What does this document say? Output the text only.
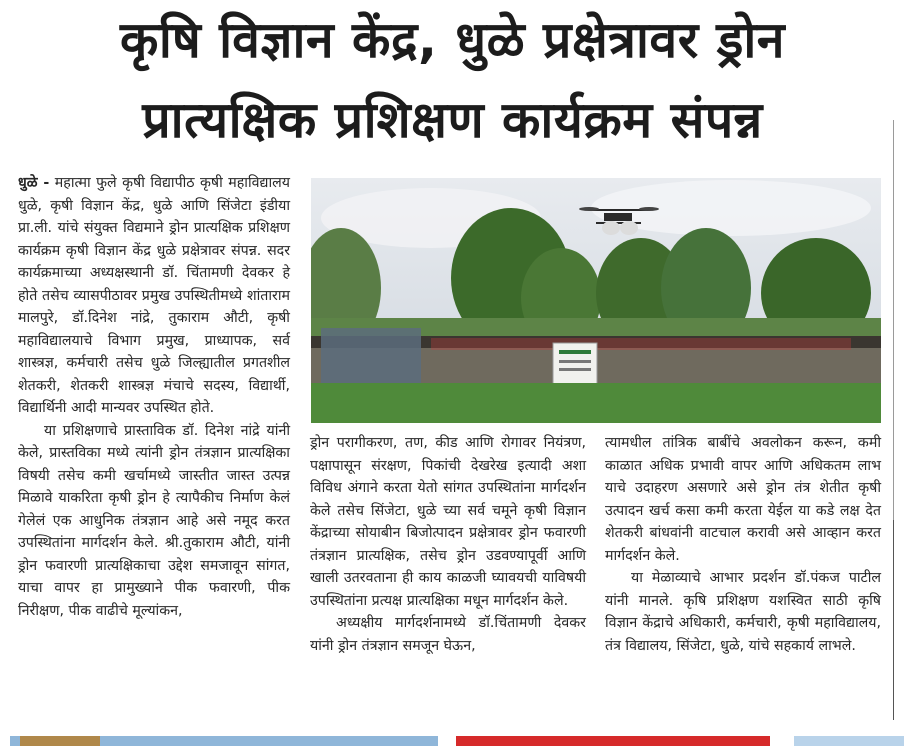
कृषि विज्ञान केंद्र, धुळे प्रक्षेत्रावर ड्रोन
प्रात्यक्षिक प्रशिक्षण कार्यक्रम संपन्न

धुळे - महात्मा फुले कृषी विद्यापीठ कृषी महाविद्यालय धुळे, कृषी विज्ञान केंद्र, धुळे आणि सिंजेटा इंडीया प्रा.ली. यांचे संयुक्त विद्यमाने ड्रोन प्रात्यक्षिक प्रशिक्षण कार्यक्रम कृषी विज्ञान केंद्र धुळे प्रक्षेत्रावर संपन्न. सदर कार्यक्रमाच्या अध्यक्षस्थानी डॉ. चिंतामणी देवकर हे होते तसेच व्यासपीठावर प्रमुख उपस्थितीमध्ये शांताराम मालपुरे, डॉ.दिनेश नांद्रे, तुकाराम औटी, कृषी महाविद्यालयाचे विभाग प्रमुख, प्राध्यापक, सर्व शास्त्रज्ञ, कर्मचारी तसेच धुळे जिल्ह्यातील प्रगतशील शेतकरी, शेतकरी शास्त्रज्ञ मंचाचे सदस्य, विद्यार्थी, विद्यार्थिनी आदी मान्यवर उपस्थित होते.

या प्रशिक्षणाचे प्रास्ताविक डॉ. दिनेश नांद्रे यांनी केले, प्रास्तविका मध्ये त्यांनी ड्रोन तंत्रज्ञान प्रात्यक्षिका विषयी तसेच कमी खर्चामध्ये जास्तीत जास्त उत्पन्न मिळावे याकरिता कृषी ड्रोन हे त्यापैकीच निर्माण केलं गेलेलं एक आधुनिक तंत्रज्ञान आहे असे नमूद करत उपस्थितांना मार्गदर्शन केले. श्री.तुकाराम औटी, यांनी ड्रोन फवारणी प्रात्यक्षिकाचा उद्देश समजावून सांगत, याचा वापर हा प्रामुख्याने पीक फवारणी, पीक निरीक्षण, पीक वाढीचे मूल्यांकन,

ड्रोन परागीकरण, तण, कीड आणि रोगावर नियंत्रण, पक्षापासून संरक्षण, पिकांची देखरेख इत्यादी अशा विविध अंगाने करता येतो सांगत उपस्थितांना मार्गदर्शन केले तसेच सिंजेटा, धुळे च्या सर्व चमूने कृषी विज्ञान केंद्राच्या सोयाबीन बिजोत्पादन प्रक्षेत्रावर ड्रोन फवारणी तंत्रज्ञान प्रात्यक्षिक, तसेच ड्रोन उडवण्यापूर्वी आणि खाली उतरवताना ही काय काळजी घ्यावयची याविषयी उपस्थितांना प्रत्यक्ष प्रात्यक्षिका मधून मार्गदर्शन केले.

अध्यक्षीय मार्गदर्शनामध्ये डॉ.चिंतामणी देवकर यांनी ड्रोन तंत्रज्ञान समजून घेऊन,

त्यामधील तांत्रिक बाबींचे अवलोकन करून, कमी काळात अधिक प्रभावी वापर आणि अधिकतम लाभ याचे उदाहरण असणारे असे ड्रोन तंत्र शेतीत कृषी उत्पादन खर्च कसा कमी करता येईल या कडे लक्ष देत शेतकरी बांधवांनी वाटचाल करावी असे आव्हान करत मार्गदर्शन केले.

या मेळाव्याचे आभार प्रदर्शन डॉ.पंकज पाटील यांनी मानले. कृषि प्रशिक्षण यशस्वित साठी कृषि विज्ञान केंद्राचे अधिकारी, कर्मचारी, कृषी महाविद्यालय, तंत्र विद्यालय, सिंजेटा, धुळे, यांचे सहकार्य लाभले.
